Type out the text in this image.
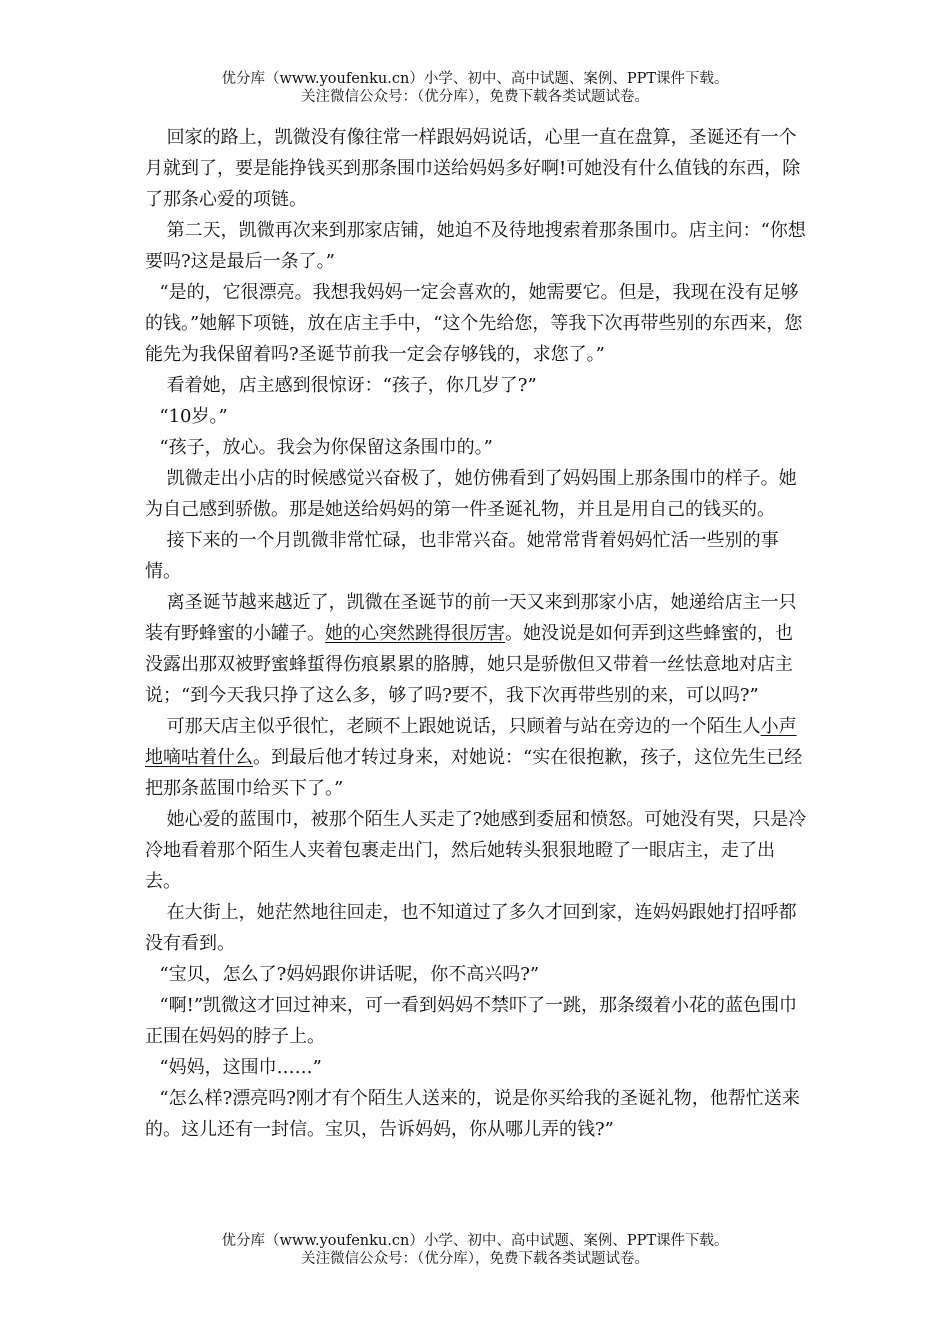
优分库（www.youfenku.cn）小学、初中、高中试题、案例、PPT课件下载。
关注微信公众号：（优分库），免费下载各类试题试卷。

回家的路上，凯微没有像往常一样跟妈妈说话，心里一直在盘算，圣诞还有一个月就到了，要是能挣钱买到那条围巾送给妈妈多好啊!可她没有什么值钱的东西，除了那条心爱的项链。

第二天，凯微再次来到那家店铺，她迫不及待地搜索着那条围巾。店主问：“你想要吗?这是最后一条了。”

“是的，它很漂亮。我想我妈妈一定会喜欢的，她需要它。但是，我现在没有足够的钱。”她解下项链，放在店主手中，“这个先给您，等我下次再带些别的东西来，您能先为我保留着吗?圣诞节前我一定会存够钱的，求您了。”

看着她，店主感到很惊讶：“孩子，你几岁了?”

“10岁。”

“孩子，放心。我会为你保留这条围巾的。”

凯微走出小店的时候感觉兴奋极了，她仿佛看到了妈妈围上那条围巾的样子。她为自己感到骄傲。那是她送给妈妈的第一件圣诞礼物，并且是用自己的钱买的。

接下来的一个月凯微非常忙碌，也非常兴奋。她常常背着妈妈忙活一些别的事情。

离圣诞节越来越近了，凯微在圣诞节的前一天又来到那家小店，她递给店主一只装有野蜂蜜的小罐子。她的心突然跳得很厉害。她没说是如何弄到这些蜂蜜的，也没露出那双被野蜜蜂蜇得伤痕累累的胳膊，她只是骄傲但又带着一丝怯意地对店主说；“到今天我只挣了这么多，够了吗?要不，我下次再带些别的来，可以吗?”

可那天店主似乎很忙，老顾不上跟她说话，只顾着与站在旁边的一个陌生人小声地嘀咕着什么。到最后他才转过身来，对她说：“实在很抱歉，孩子，这位先生已经把那条蓝围巾给买下了。”

她心爱的蓝围巾，被那个陌生人买走了?她感到委屈和愤怒。可她没有哭，只是冷冷地看着那个陌生人夹着包裹走出门，然后她转头狠狠地瞪了一眼店主，走了出去。

在大街上，她茫然地往回走，也不知道过了多久才回到家，连妈妈跟她打招呼都没有看到。

“宝贝，怎么了?妈妈跟你讲话呢，你不高兴吗?”

“啊!”凯微这才回过神来，可一看到妈妈不禁吓了一跳，那条缀着小花的蓝色围巾正围在妈妈的脖子上。

“妈妈，这围巾……”

“怎么样?漂亮吗?刚才有个陌生人送来的，说是你买给我的圣诞礼物，他帮忙送来的。这儿还有一封信。宝贝，告诉妈妈，你从哪儿弄的钱?”

优分库（www.youfenku.cn）小学、初中、高中试题、案例、PPT课件下载。
关注微信公众号：（优分库），免费下载各类试题试卷。
